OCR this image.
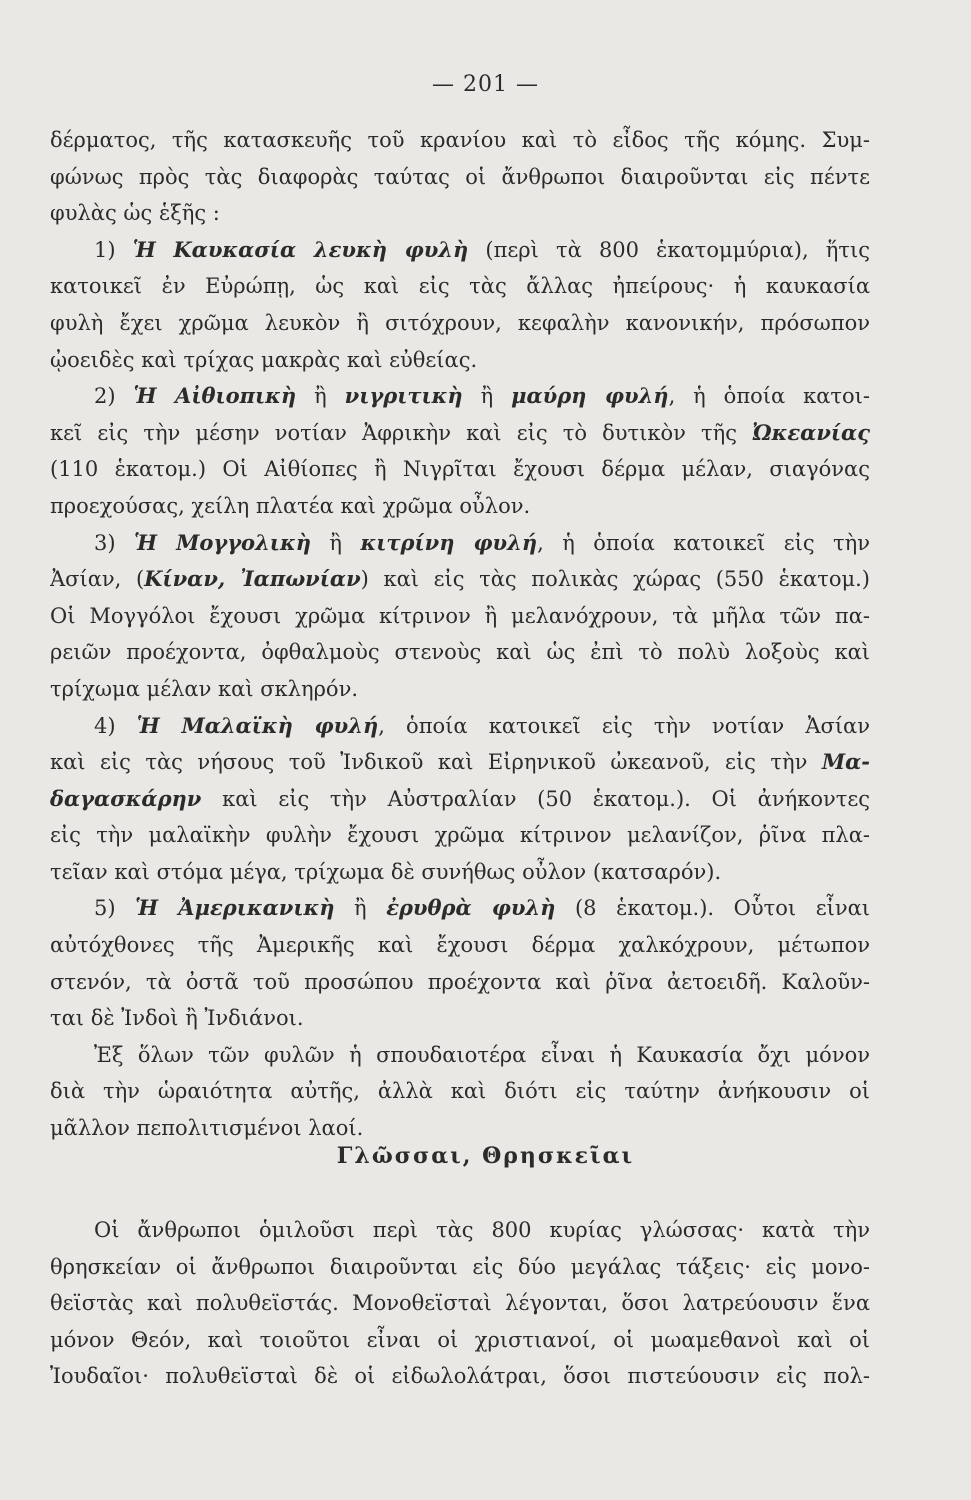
— 201 —
δέρματος, τῆς κατασκευῆς τοῦ κρανίου καὶ τὸ εἶδος τῆς κόμης. Συμ-
φώνως πρὸς τὰς διαφορὰς ταύτας οἱ ἄνθρωποι διαιροῦνται εἰς πέντε
φυλὰς ὡς ἑξῆς :
1) Ἡ Καυκασία λευκὴ φυλὴ (περὶ τὰ 800 ἑκατομμύρια), ἥτις
κατοικεῖ ἐν Εὐρώπῃ, ὡς καὶ εἰς τὰς ἄλλας ἠπείρους· ἡ καυκασία
φυλὴ ἔχει χρῶμα λευκὸν ἢ σιτόχρουν, κεφαλὴν κανονικήν, πρόσωπον
ᾠοειδὲς καὶ τρίχας μακρὰς καὶ εὐθείας.
2) Ἡ Αἰθιοπικὴ ἢ νιγριτικὴ ἢ μαύρη φυλή, ἡ ὁποία κατοι-
κεῖ εἰς τὴν μέσην νοτίαν Ἀφρικὴν καὶ εἰς τὸ δυτικὸν τῆς Ὠκεανίας
(110 ἑκατομ.) Οἱ Αἰθίοπες ἢ Νιγρῖται ἔχουσι δέρμα μέλαν, σιαγόνας
προεχούσας, χείλη πλατέα καὶ χρῶμα οὖλον.
3) Ἡ Μογγολικὴ ἢ κιτρίνη φυλή, ἡ ὁποία κατοικεῖ εἰς τὴν
Ἀσίαν, (Κίναν, Ἰαπωνίαν) καὶ εἰς τὰς πολικὰς χώρας (550 ἑκατομ.)
Οἱ Μογγόλοι ἔχουσι χρῶμα κίτρινον ἢ μελανόχρουν, τὰ μῆλα τῶν πα-
ρειῶν προέχοντα, ὀφθαλμοὺς στενοὺς καὶ ὡς ἐπὶ τὸ πολὺ λοξοὺς καὶ
τρίχωμα μέλαν καὶ σκληρόν.
4) Ἡ Μαλαϊκὴ φυλή, ὁποία κατοικεῖ εἰς τὴν νοτίαν Ἀσίαν
καὶ εἰς τὰς νήσους τοῦ Ἰνδικοῦ καὶ Εἰρηνικοῦ ὠκεανοῦ, εἰς τὴν Μα-
δαγασκάρην καὶ εἰς τὴν Αὐστραλίαν (50 ἑκατομ.). Οἱ ἀνήκοντες
εἰς τὴν μαλαϊκὴν φυλὴν ἔχουσι χρῶμα κίτρινον μελανίζον, ῥῖνα πλα-
τεῖαν καὶ στόμα μέγα, τρίχωμα δὲ συνήθως οὖλον (κατσαρόν).
5) Ἡ Ἀμερικανικὴ ἢ ἐρυθρὰ φυλὴ (8 ἑκατομ.). Οὗτοι εἶναι
αὐτόχθονες τῆς Ἀμερικῆς καὶ ἔχουσι δέρμα χαλκόχρουν, μέτωπον
στενόν, τὰ ὀστᾶ τοῦ προσώπου προέχοντα καὶ ῥῖνα ἀετοειδῆ. Καλοῦν-
ται δὲ Ἰνδοὶ ἢ Ἰνδιάνοι.
Ἐξ ὅλων τῶν φυλῶν ἡ σπουδαιοτέρα εἶναι ἡ Καυκασία ὄχι μόνον
διὰ τὴν ὡραιότητα αὐτῆς, ἀλλὰ καὶ διότι εἰς ταύτην ἀνήκουσιν οἱ
μᾶλλον πεπολιτισμένοι λαοί.
Γλῶσσαι, Θρησκεῖαι
Οἱ ἄνθρωποι ὁμιλοῦσι περὶ τὰς 800 κυρίας γλώσσας· κατὰ τὴν
θρησκείαν οἱ ἄνθρωποι διαιροῦνται εἰς δύο μεγάλας τάξεις· εἰς μονο-
θεϊστὰς καὶ πολυθεϊστάς. Μονοθεϊσταὶ λέγονται, ὅσοι λατρεύουσιν ἕνα
μόνον Θεόν, καὶ τοιοῦτοι εἶναι οἱ χριστιανοί, οἱ μωαμεθανοὶ καὶ οἱ
Ἰουδαῖοι· πολυθεϊσταὶ δὲ οἱ εἰδωλολάτραι, ὅσοι πιστεύουσιν εἰς πολ-
